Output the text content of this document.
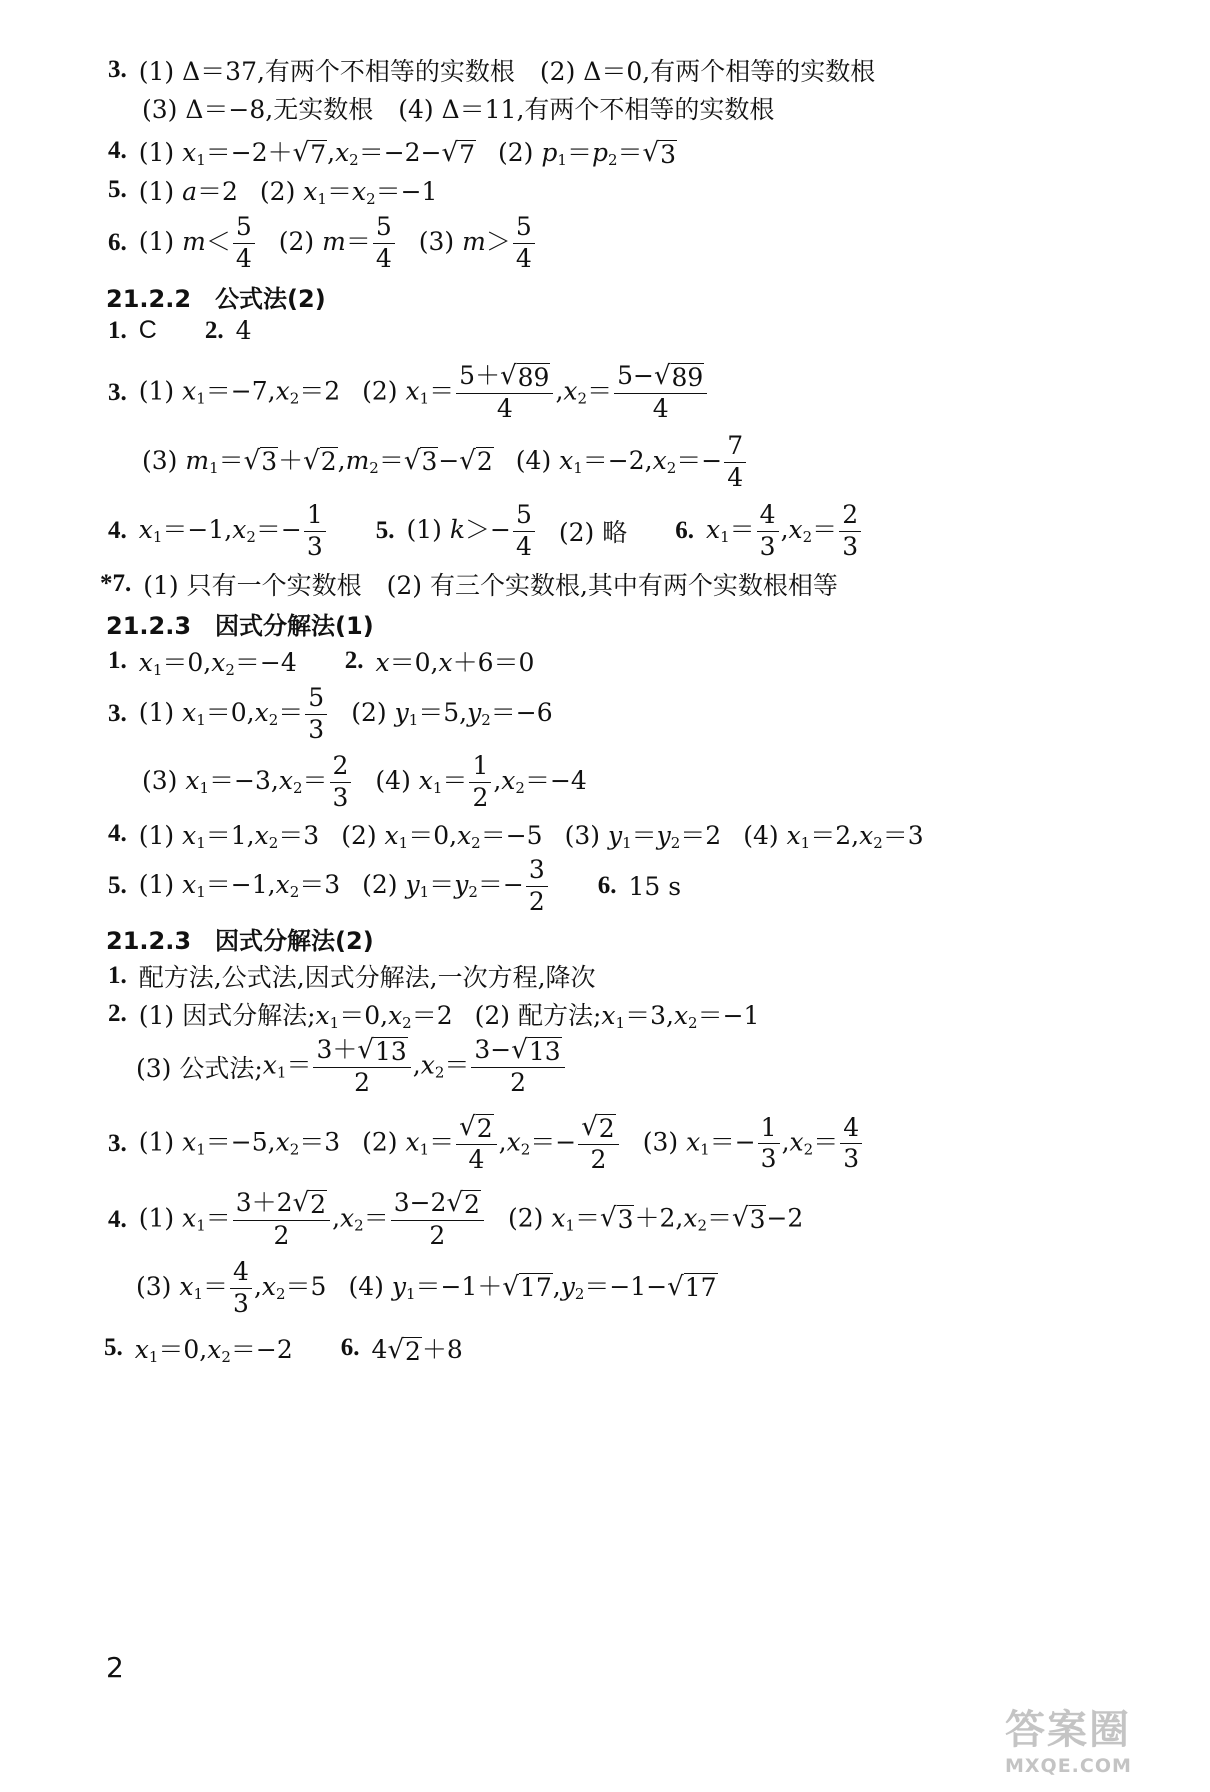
3. (1) Δ＝37,有两个不相等的实数根　(2) Δ＝0,有两个相等的实数根
(3) Δ＝−8,无实数根　(4) Δ＝11,有两个不相等的实数根
4. (1) $x_1=-2+$ √ 7 $,x_2=-2-$ √ 7 (2) $p_1=p_2=$ √ 3
5. (1) a＝2 (2) $x_1=x_2=-1$
6. (1) $m< \frac{5}{4} (2)$ $m= \frac{5}{4} (3)$ $m> \frac{5}{4}$
21.2.2　公式法(2)
1. C 2. 4
3. (1) $x_1=-7,x_2=2$ (2) $x_1= \frac{5+ √ 89}{4} ,x_2= \frac{5- √ 89}{4}$
(3) $m_1=$ √ 3 ＋ √ 2 $,m_2=$ √ 3 − √ 2 (4) $x_1=-2,x_2=- \frac{7}{4}$
4. $x_1=-1,x_2=- \frac{1}{3} 5$. (1) $k>- \frac{5}{4} (2)$ 略 6. $x_1= \frac{4}{3} ,x_2= \frac{2}{3}$
*7. (1) 只有一个实数根　(2) 有三个实数根,其中有两个实数根相等
21.2.3　因式分解法(1)
1. $x_1=0,x_2=-4$ 2. x＝0,x＋6＝0
3. (1) $x_1=0,x_2= \frac{5}{3} (2)$ $y_1=5,y_2=-6$
(3) $x_1=-3,x_2= \frac{2}{3} (4)$ $x_1= \frac{1}{2} ,x_2=-4$
4. (1) $x_1=1,x_2=3$ (2) $x_1=0,x_2=-5$ (3) $y_1=y_2=2$ (4) $x_1=2,x_2=3$
5. (1) $x_1=-1,x_2=3$ (2) $y_1=y_2=- \frac{3}{2} 6$. 15 s
21.2.3　因式分解法(2)
1. 配方法,公式法,因式分解法,一次方程,降次
2. (1) 因式分解法; $x_1=0,x_2=2$ (2) 配方法; $x_1=3,x_2=-1$
(3) 公式法; $x_1= \frac{3+ √ 13}{2} ,x_2= \frac{3- √ 13}{2}$
3. (1) $x_1=-5,x_2=3$ (2) $x_1= \frac{√ 2}{4} ,x_2=- \frac{√ 2}{2} (3)$ $x_1=- \frac{1}{3} ,x_2= \frac{4}{3}$
4. (1) $x_1= \frac{3+2 √ 2}{2} ,x_2= \frac{3-2 √ 2}{2} (2)$ $x_1=$ √ $3 +2,x_2=$ √ 3 −2
(3) $x_1= \frac{4}{3} ,x_2=5$ (4) $y_1=-1+$ √ 17 $,y_2=-1-$ √ 17
5. $x_1=0,x_2=-2$ 6. 4 √ 2 ＋8
2
答案圈
MXQE.COM
